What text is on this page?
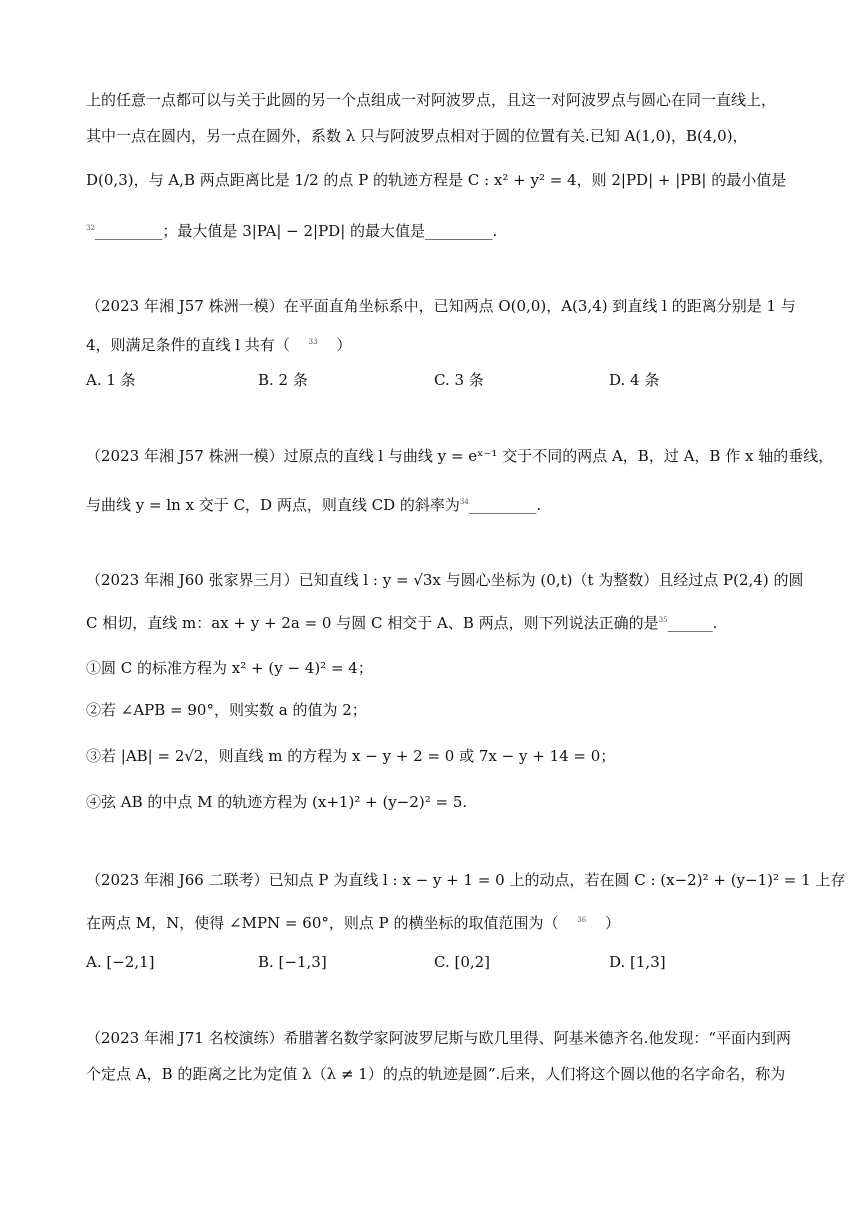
上的任意一点都可以与关于此圆的另一个点组成一对阿波罗点，且这一对阿波罗点与圆心在同一直线上，
其中一点在圆内，另一点在圆外，系数 λ 只与阿波罗点相对于圆的位置有关.已知 A(1,0)，B(4,0)，
D(0,3)，与 A,B 两点距离比是 1/2 的点 P 的轨迹方程是 C : x² + y² = 4，则 2|PD| + |PB| 的最小值是
$^{32}$_________；最大值是 3|PA| − 2|PD| 的最大值是_________.
（2023 年湘 J57 株洲一模）在平面直角坐标系中，已知两点 O(0,0)，A(3,4) 到直线 l 的距离分别是 1 与
4，则满足条件的直线 l 共有（	$^{33}$ ）
A. 1 条	B. 2 条	C. 3 条	D. 4 条
（2023 年湘 J57 株洲一模）过原点的直线 l 与曲线 y = eˣ⁻¹ 交于不同的两点 A，B，过 A，B 作 x 轴的垂线，
与曲线 y = ln x 交于 C，D 两点，则直线 CD 的斜率为$^{34}$_________.
（2023 年湘 J60 张家界三月）已知直线 l : y = √3x 与圆心坐标为 (0,t)（t 为整数）且经过点 P(2,4) 的圆
C 相切，直线 m：ax + y + 2a = 0 与圆 C 相交于 A、B 两点，则下列说法正确的是$^{35}$______.
①圆 C 的标准方程为 x² + (y − 4)² = 4；
②若 ∠APB = 90°，则实数 a 的值为 2；
③若 |AB| = 2√2，则直线 m 的方程为 x − y + 2 = 0 或 7x − y + 14 = 0；
④弦 AB 的中点 M 的轨迹方程为 (x+1)² + (y−2)² = 5.
（2023 年湘 J66 二联考）已知点 P 为直线 l : x − y + 1 = 0 上的动点，若在圆 C : (x−2)² + (y−1)² = 1 上存
在两点 M，N，使得 ∠MPN = 60°，则点 P 的横坐标的取值范围为（	$^{36}$ ）
A. [−2,1]	B. [−1,3]	C. [0,2]	D. [1,3]
（2023 年湘 J71 名校演练）希腊著名数学家阿波罗尼斯与欧几里得、阿基米德齐名.他发现：“平面内到两
个定点 A，B 的距离之比为定值 λ（λ ≠ 1）的点的轨迹是圆”.后来，人们将这个圆以他的名字命名，称为
